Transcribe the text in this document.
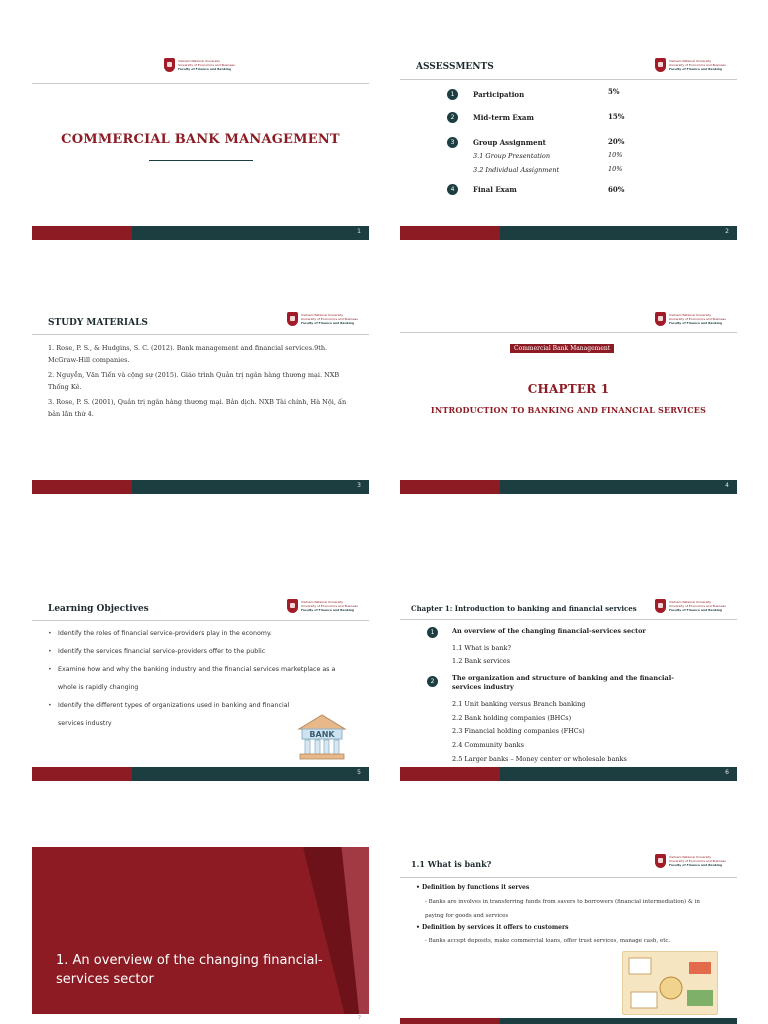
Vietnam National University
University of Economics and Business
Faculty of Finance and Banking
COMMERCIAL BANK MANAGEMENT
1
ASSESSMENTS
Vietnam National University
University of Economics and Business
Faculty of Finance and Banking
1	Participation	5%
2	Mid-term Exam	15%
3	Group Assignment	20%
3.1 Group Presentation	10%
3.2 Individual Assignment	10%
4	Final Exam	60%
2
STUDY MATERIALS
Vietnam National University
University of Economics and Business
Faculty of Finance and Banking
1. Rose, P. S., & Hudgins, S. C. (2012). Bank management and financial services.9th. McGraw-Hill companies.
2. Nguyễn, Văn Tiến và cộng sự (2015). Giáo trình Quản trị ngân hàng thương mại. NXB Thống Kê.
3. Rose, P. S. (2001), Quản trị ngân hàng thương mại. Bản dịch. NXB Tài chính, Hà Nội, ấn bản lần thứ 4.
3
Vietnam National University
University of Economics and Business
Faculty of Finance and Banking
Commercial Bank Management
CHAPTER 1
INTRODUCTION TO BANKING AND FINANCIAL SERVICES
4
Learning Objectives
Vietnam National University
University of Economics and Business
Faculty of Finance and Banking
• Identify the roles of financial service-providers play in the economy.
• Identify the services financial service-providers offer to the public
• Examine how and why the banking industry and the financial services marketplace as a whole is rapidly changing
• Identify the different types of organizations used in banking and financial services industry
BANK
5
Chapter 1: Introduction to banking and financial services
Vietnam National University
University of Economics and Business
Faculty of Finance and Banking
1	An overview of the changing financial-services sector
1.1 What is bank?
1.2 Bank services
2	The organization and structure of banking and the financial-services industry
2.1 Unit banking versus Branch banking
2.2 Bank holding companies (BHCs)
2.3 Financial holding companies (FHCs)
2.4 Community banks
2.5 Larger banks – Money center or wholesale banks
6
1. An overview of the changing financial-services sector
7
1.1 What is bank?
Vietnam National University
University of Economics and Business
Faculty of Finance and Banking
• Definition by functions it serves
- Banks are involves in transferring funds from savers to borrowers (financial intermediation) & in paying for goods and services
• Definition by services it offers to customers
- Banks accept deposits, make commercial loans, offer trust services, manage cash, etc.
